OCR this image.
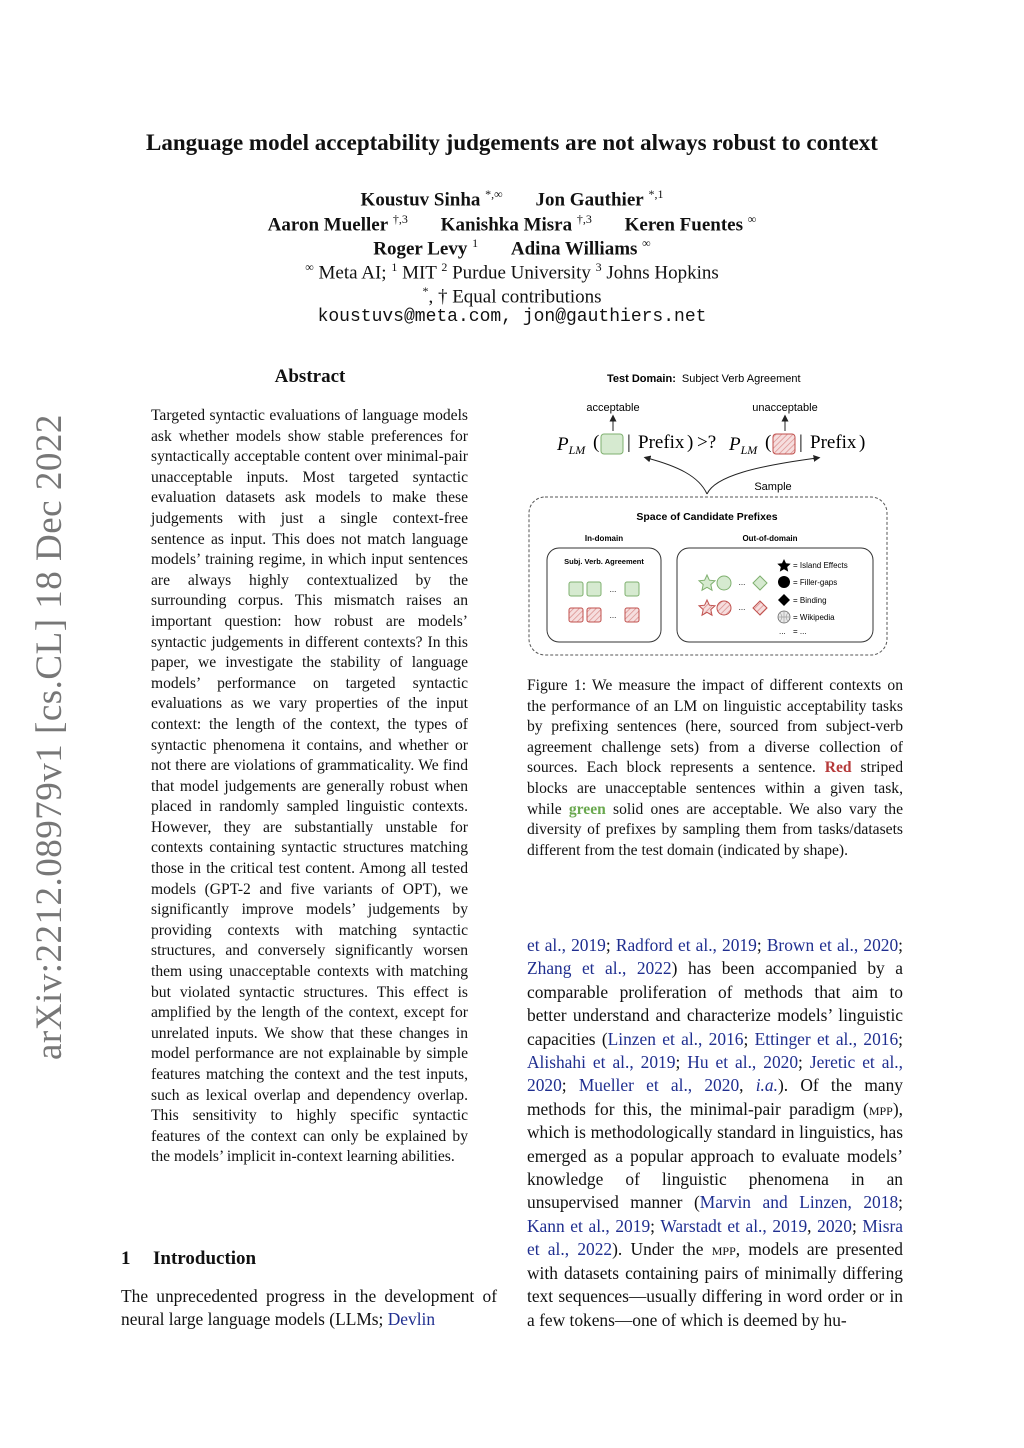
arXiv:2212.08979v1 [cs.CL] 18 Dec 2022
Language model acceptability judgements are not always robust to context
Koustuv Sinha *,∞ Jon Gauthier $^{*,1}$
Aaron Mueller $^{\dagger,3}$ Kanishka Misra $^{\dagger,3}$ Keren Fuentes ∞
Roger Levy $^1$ Adina Williams ∞
∞ Meta AI; $^1$ MIT $^2$ Purdue University $^3$ Johns Hopkins
*, † Equal contributions
koustuvs@meta.com, jon@gauthiers.net
Abstract
Targeted syntactic evaluations of language models ask whether models show stable preferences for syntactically acceptable content over minimal-pair unacceptable inputs. Most targeted syntactic evaluation datasets ask models to make these judgements with just a single context-free sentence as input. This does not match language models’ training regime, in which input sentences are always highly contextualized by the surrounding corpus. This mismatch raises an important question: how robust are models’ syntactic judgements in different contexts? In this paper, we investigate the stability of language models’ performance on targeted syntactic evaluations as we vary properties of the input context: the length of the context, the types of syntactic phenomena it contains, and whether or not there are violations of grammaticality. We find that model judgements are generally robust when placed in randomly sampled linguistic contexts. However, they are substantially unstable for contexts containing syntactic structures matching those in the critical test content. Among all tested models (GPT-2 and five variants of OPT), we significantly improve models’ judgements by providing contexts with matching syntactic structures, and conversely significantly worsen them using unacceptable contexts with matching but violated syntactic structures. This effect is amplified by the length of the context, except for unrelated inputs. We show that these changes in model performance are not explainable by simple features matching the context and the test inputs, such as lexical overlap and dependency overlap. This sensitivity to highly specific syntactic features of the context can only be explained by the models’ implicit in-context learning abilities.
1 Introduction
The unprecedented progress in the development of neural large language models (LLMs; Devlin
Test Domain: Subject Verb Agreement
acceptable	unacceptable
$P_{LM}$ ( | Prefix ) >? $P_{LM}$ ( | Prefix )
Sample
Space of Candidate Prefixes
In-domain	Out-of-domain
Subj. Verb. Agreement
...
...
...
...
= Island Effects
= Filler-gaps
= Binding
= Wikipedia
... = ...
Figure 1: We measure the impact of different contexts on the performance of an LM on linguistic acceptability tasks by prefixing sentences (here, sourced from subject-verb agreement challenge sets) from a diverse collection of sources. Each block represents a sentence. Red striped blocks are unacceptable sentences within a given task, while green solid ones are acceptable. We also vary the diversity of prefixes by sampling them from tasks/datasets different from the test domain (indicated by shape).
et al., 2019; Radford et al., 2019; Brown et al., 2020; Zhang et al., 2022) has been accompanied by a comparable proliferation of methods that aim to better understand and characterize models’ linguistic capacities (Linzen et al., 2016; Ettinger et al., 2016; Alishahi et al., 2019; Hu et al., 2020; Jeretic et al., 2020; Mueller et al., 2020, i.a.). Of the many methods for this, the minimal-pair paradigm (mpp), which is methodologically standard in linguistics, has emerged as a popular approach to evaluate models’ knowledge of linguistic phenomena in an unsupervised manner (Marvin and Linzen, 2018; Kann et al., 2019; Warstadt et al., 2019, 2020; Misra et al., 2022). Under the mpp, models are presented with datasets containing pairs of minimally differing text sequences—usually differing in word order or in a few tokens—one of which is deemed by hu-
